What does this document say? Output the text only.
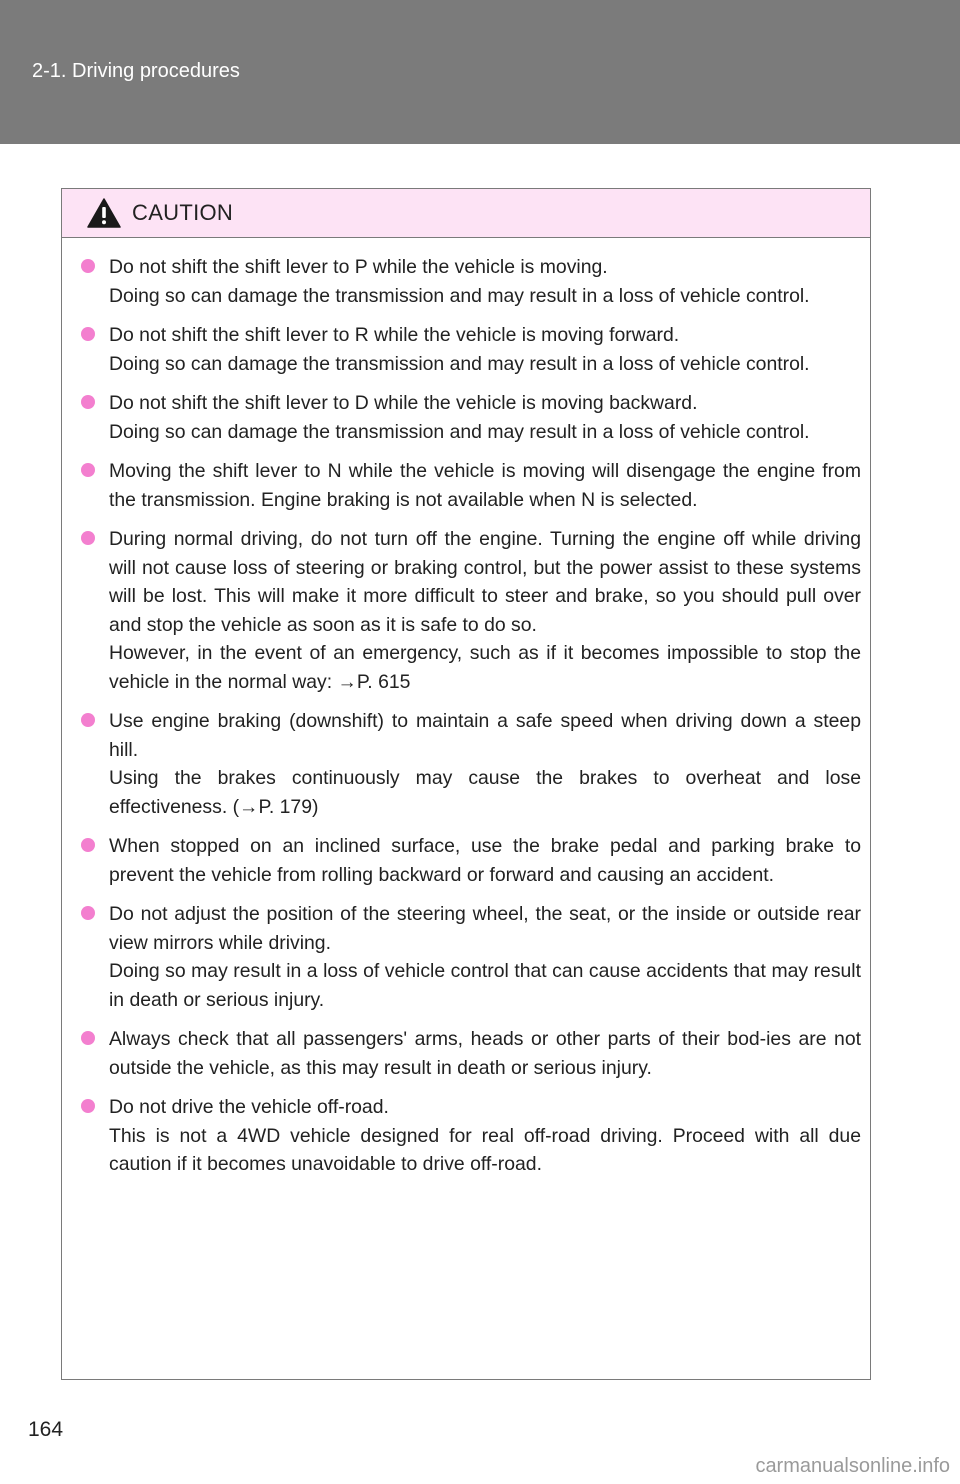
2-1. Driving procedures
CAUTION
Do not shift the shift lever to P while the vehicle is moving.
Doing so can damage the transmission and may result in a loss of vehicle control.
Do not shift the shift lever to R while the vehicle is moving forward.
Doing so can damage the transmission and may result in a loss of vehicle control.
Do not shift the shift lever to D while the vehicle is moving backward.
Doing so can damage the transmission and may result in a loss of vehicle control.
Moving the shift lever to N while the vehicle is moving will disengage the engine from the transmission. Engine braking is not available when N is selected.
During normal driving, do not turn off the engine. Turning the engine off while driving will not cause loss of steering or braking control, but the power assist to these systems will be lost. This will make it more difficult to steer and brake, so you should pull over and stop the vehicle as soon as it is safe to do so.
However, in the event of an emergency, such as if it becomes impossible to stop the vehicle in the normal way: →P. 615
Use engine braking (downshift) to maintain a safe speed when driving down a steep hill.
Using the brakes continuously may cause the brakes to overheat and lose effectiveness. (→P. 179)
When stopped on an inclined surface, use the brake pedal and parking brake to prevent the vehicle from rolling backward or forward and causing an accident.
Do not adjust the position of the steering wheel, the seat, or the inside or outside rear view mirrors while driving.
Doing so may result in a loss of vehicle control that can cause accidents that may result in death or serious injury.
Always check that all passengers' arms, heads or other parts of their bod-ies are not outside the vehicle, as this may result in death or serious injury.
Do not drive the vehicle off-road.
This is not a 4WD vehicle designed for real off-road driving. Proceed with all due caution if it becomes unavoidable to drive off-road.
164
carmanualsonline.info
